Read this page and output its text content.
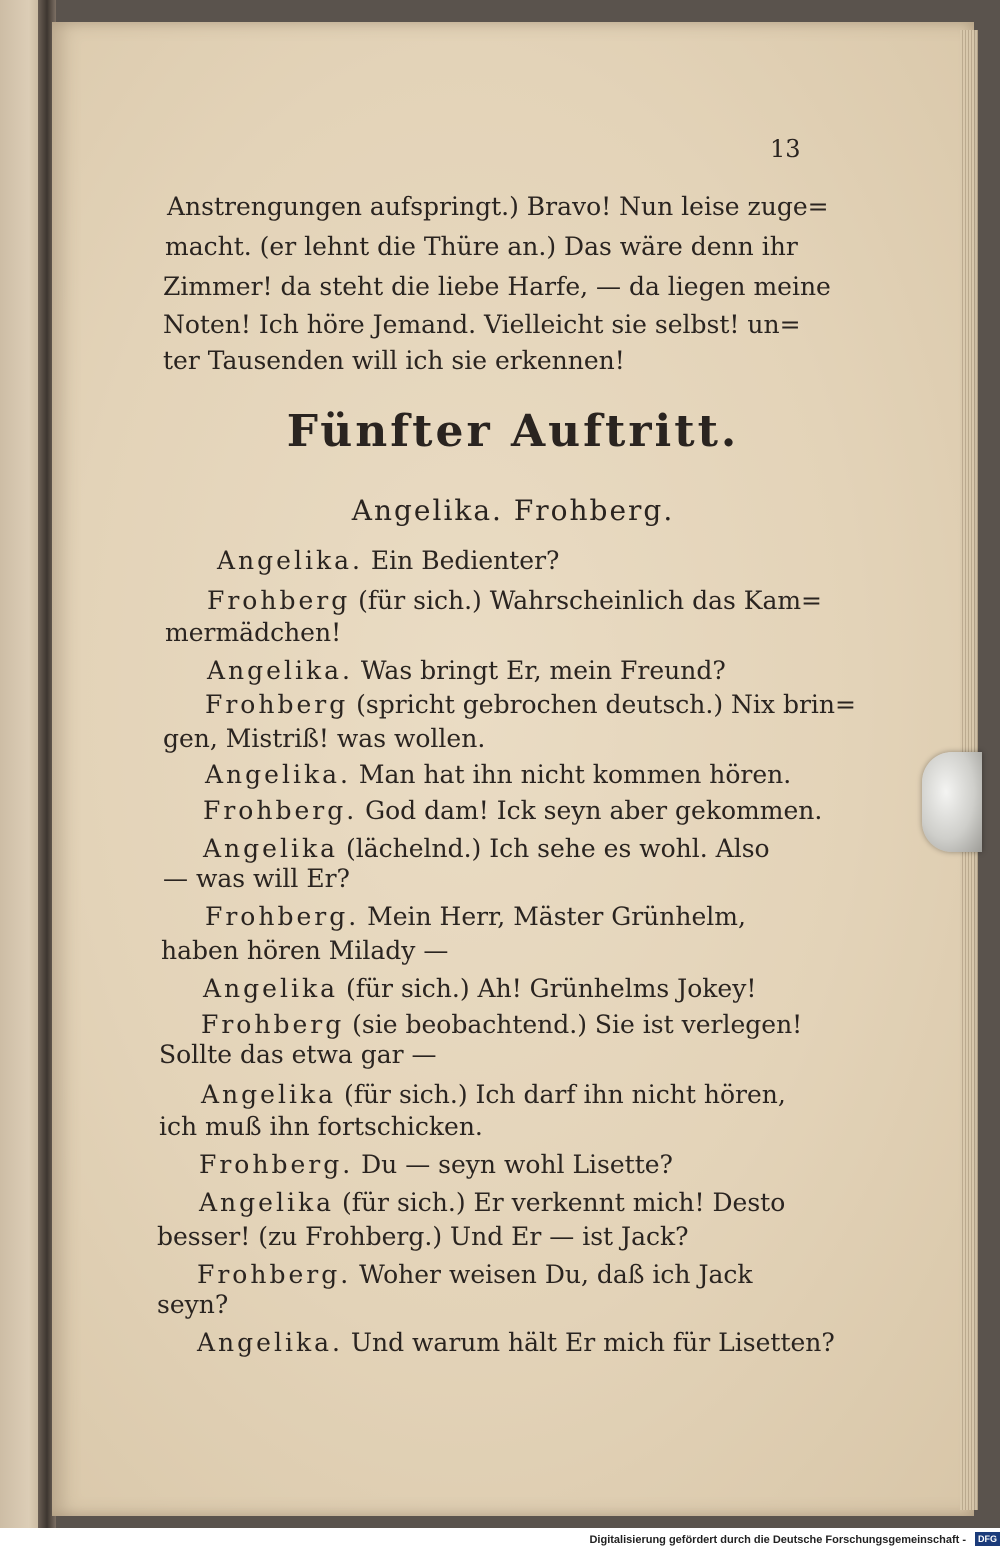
13
Anstrengungen aufspringt.) Bravo! Nun leise zuge=
macht. (er lehnt die Thüre an.) Das wäre denn ihr
Zimmer! da steht die liebe Harfe, — da liegen meine
Noten! Ich höre Jemand. Vielleicht sie selbst! un=
ter Tausenden will ich sie erkennen!
Fünfter Auftritt.
Angelika. Frohberg.
Angelika. Ein Bedienter?
Frohberg (für sich.) Wahrscheinlich das Kam=
mermädchen!
Angelika. Was bringt Er, mein Freund?
Frohberg (spricht gebrochen deutsch.) Nix brin=
gen, Mistriß! was wollen.
Angelika. Man hat ihn nicht kommen hören.
Frohberg. God dam! Ick seyn aber gekommen.
Angelika (lächelnd.) Ich sehe es wohl. Also
— was will Er?
Frohberg. Mein Herr, Mäster Grünhelm,
haben hören Milady —
Angelika (für sich.) Ah! Grünhelms Jokey!
Frohberg (sie beobachtend.) Sie ist verlegen!
Sollte das etwa gar —
Angelika (für sich.) Ich darf ihn nicht hören,
ich muß ihn fortschicken.
Frohberg. Du — seyn wohl Lisette?
Angelika (für sich.) Er verkennt mich! Desto
besser! (zu Frohberg.) Und Er — ist Jack?
Frohberg. Woher weisen Du, daß ich Jack
seyn?
Angelika. Und warum hält Er mich für Lisetten?
Digitalisierung gefördert durch die Deutsche Forschungsgemeinschaft - DFG
